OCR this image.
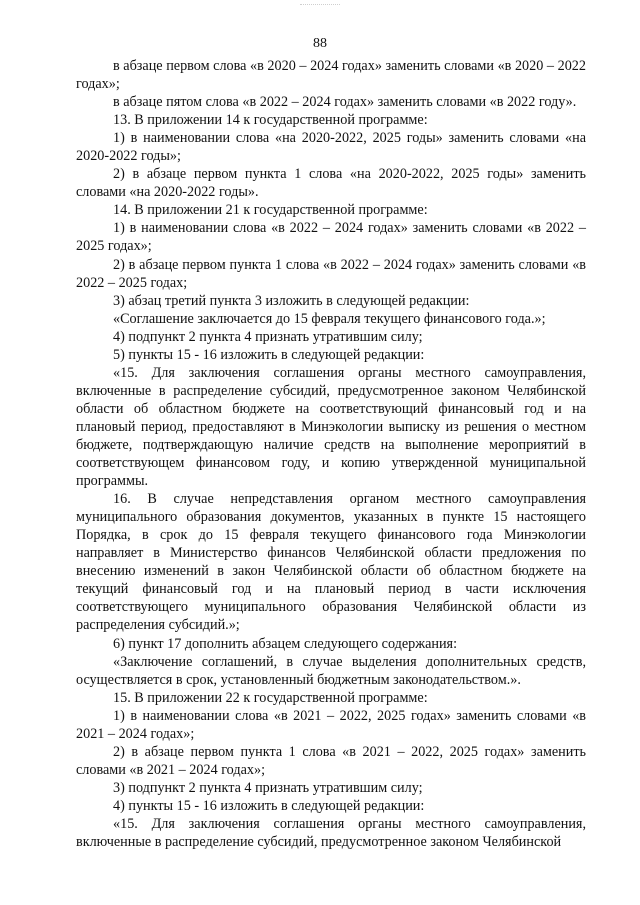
88

в абзаце первом слова «в 2020 – 2024 годах» заменить словами «в 2020 – 2022 годах»;

в абзаце пятом слова «в 2022 – 2024 годах» заменить словами «в 2022 году».

13. В приложении 14 к государственной программе:

1) в наименовании слова «на 2020-2022, 2025 годы» заменить словами «на 2020-2022 годы»;

2) в абзаце первом пункта 1 слова «на 2020-2022, 2025 годы» заменить словами «на 2020-2022 годы».

14. В приложении 21 к государственной программе:

1) в наименовании слова «в 2022 – 2024 годах» заменить словами «в 2022 – 2025 годах»;

2) в абзаце первом пункта 1 слова «в 2022 – 2024 годах» заменить словами «в 2022 – 2025 годах;

3) абзац третий пункта 3 изложить в следующей редакции:

«Соглашение заключается до 15 февраля текущего финансового года.»;

4) подпункт 2 пункта 4 признать утратившим силу;

5) пункты 15 - 16 изложить в следующей редакции:

«15. Для заключения соглашения органы местного самоуправления, включенные в распределение субсидий, предусмотренное законом Челябинской области об областном бюджете на соответствующий финансовый год и на плановый период, предоставляют в Минэкологии выписку из решения о местном бюджете, подтверждающую наличие средств на выполнение мероприятий в соответствующем финансовом году, и копию утвержденной муниципальной программы.

16. В случае непредставления органом местного самоуправления муниципального образования документов, указанных в пункте 15 настоящего Порядка, в срок до 15 февраля текущего финансового года Минэкологии направляет в Министерство финансов Челябинской области предложения по внесению изменений в закон Челябинской области об областном бюджете на текущий финансовый год и на плановый период в части исключения соответствующего муниципального образования Челябинской области из распределения субсидий.»;

6) пункт 17 дополнить абзацем следующего содержания:

«Заключение соглашений, в случае выделения дополнительных средств, осуществляется в срок, установленный бюджетным законодательством.».

15. В приложении 22 к государственной программе:

1) в наименовании слова «в 2021 – 2022, 2025 годах» заменить словами «в 2021 – 2024 годах»;

2) в абзаце первом пункта 1 слова «в 2021 – 2022, 2025 годах» заменить словами «в 2021 – 2024 годах»;

3) подпункт 2 пункта 4 признать утратившим силу;

4) пункты 15 - 16 изложить в следующей редакции:

«15. Для заключения соглашения органы местного самоуправления, включенные в распределение субсидий, предусмотренное законом Челябинской
